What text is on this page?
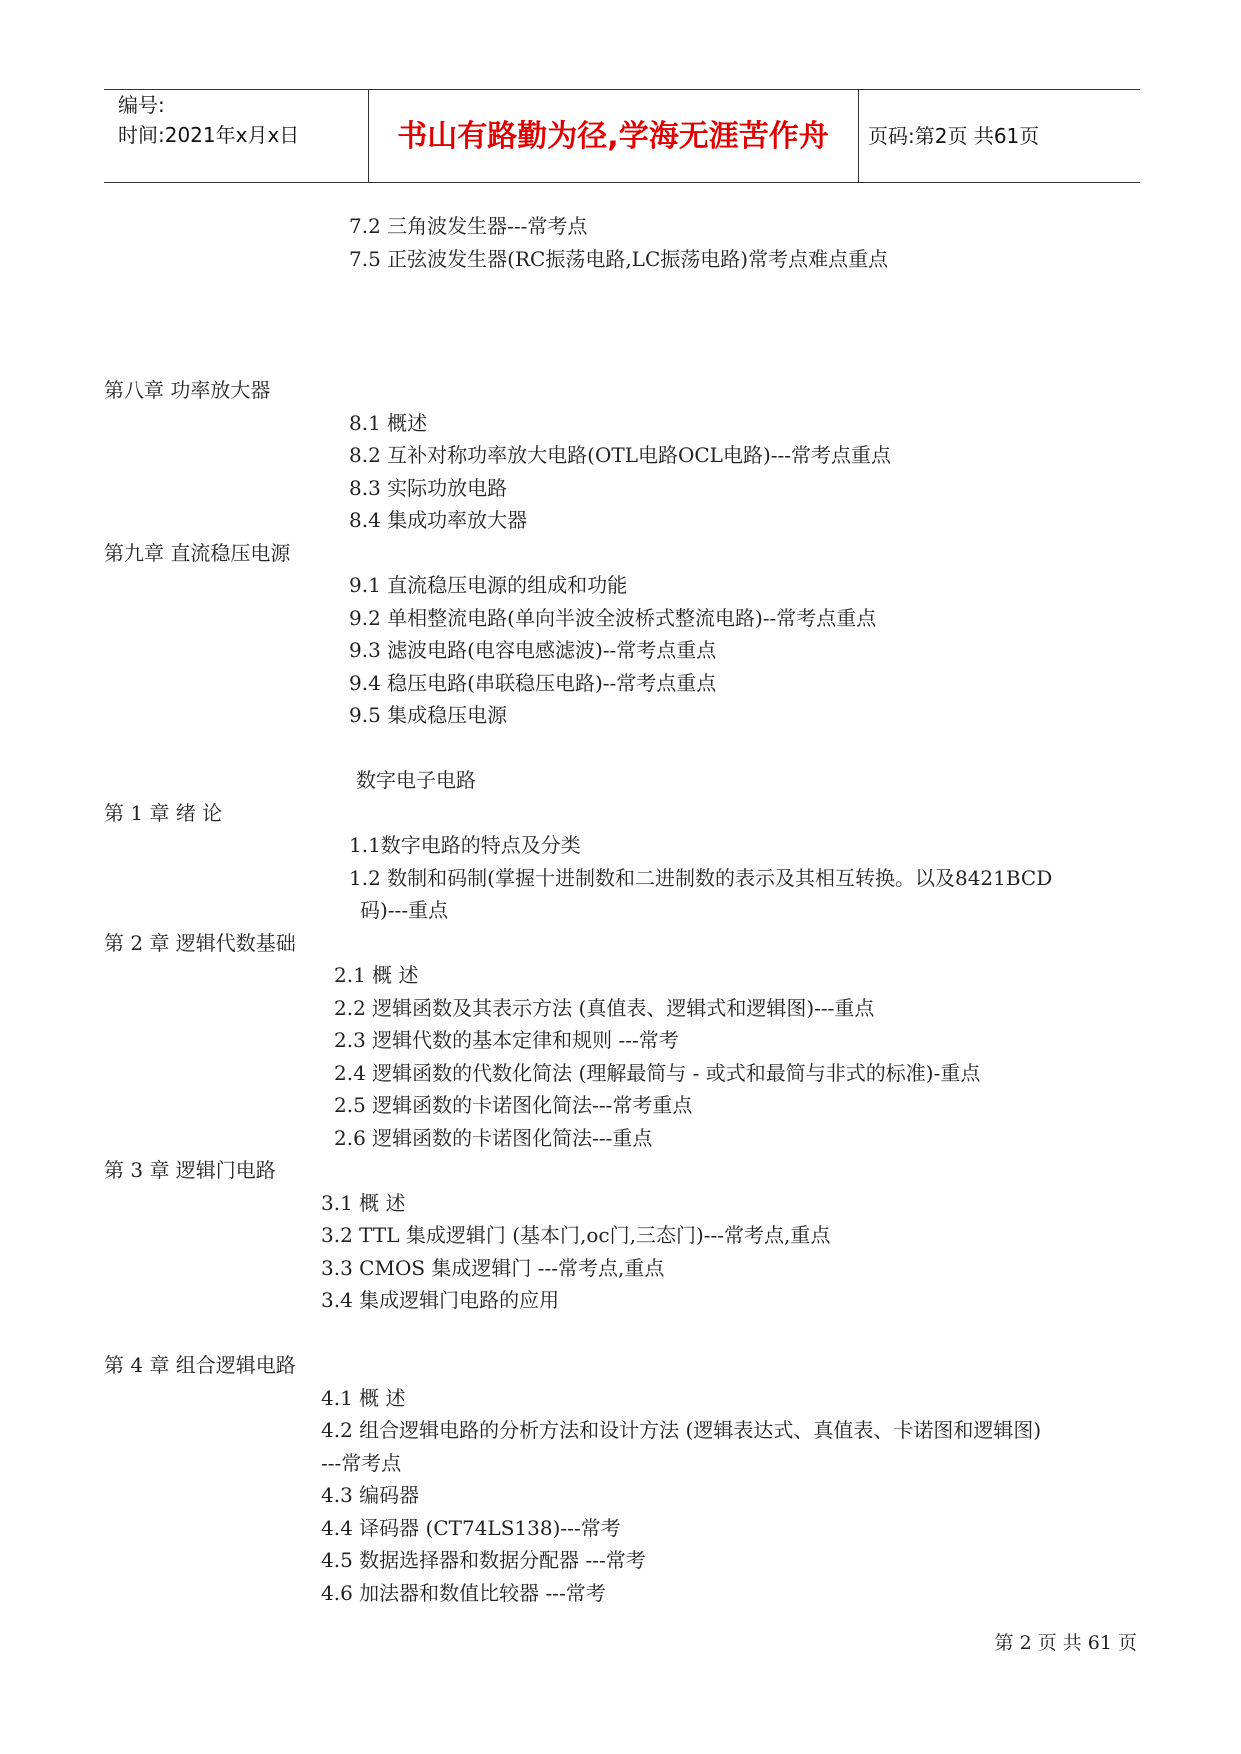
编号:
时间:2021年x月x日	书山有路勤为径,学海无涯苦作舟	页码:第2页 共61页
7.2 三角波发生器---常考点
7.5 正弦波发生器(RC振荡电路,LC振荡电路)常考点难点重点
第八章 功率放大器
8.1 概述
8.2 互补对称功率放大电路(OTL电路OCL电路)---常考点重点
8.3 实际功放电路
8.4 集成功率放大器
第九章 直流稳压电源
9.1 直流稳压电源的组成和功能
9.2 单相整流电路(单向半波全波桥式整流电路)--常考点重点
9.3 滤波电路(电容电感滤波)--常考点重点
9.4 稳压电路(串联稳压电路)--常考点重点
9.5 集成稳压电源
数字电子电路
第 1 章 绪 论
1.1数字电路的特点及分类
1.2 数制和码制(掌握十进制数和二进制数的表示及其相互转换。以及8421BCD
码)---重点
第 2 章 逻辑代数基础
2.1 概 述
2.2 逻辑函数及其表示方法 (真值表、逻辑式和逻辑图)---重点
2.3 逻辑代数的基本定律和规则 ---常考
2.4 逻辑函数的代数化简法 (理解最简与 - 或式和最简与非式的标准)-重点
2.5 逻辑函数的卡诺图化简法---常考重点
2.6 逻辑函数的卡诺图化简法---重点
第 3 章 逻辑门电路
3.1 概 述
3.2 TTL 集成逻辑门 (基本门,oc门,三态门)---常考点,重点
3.3 CMOS 集成逻辑门 ---常考点,重点
3.4 集成逻辑门电路的应用
第 4 章 组合逻辑电路
4.1 概 述
4.2 组合逻辑电路的分析方法和设计方法 (逻辑表达式、真值表、卡诺图和逻辑图)
---常考点
4.3 编码器
4.4 译码器 (CT74LS138)---常考
4.5 数据选择器和数据分配器 ---常考
4.6 加法器和数值比较器 ---常考
第 2 页 共 61 页
